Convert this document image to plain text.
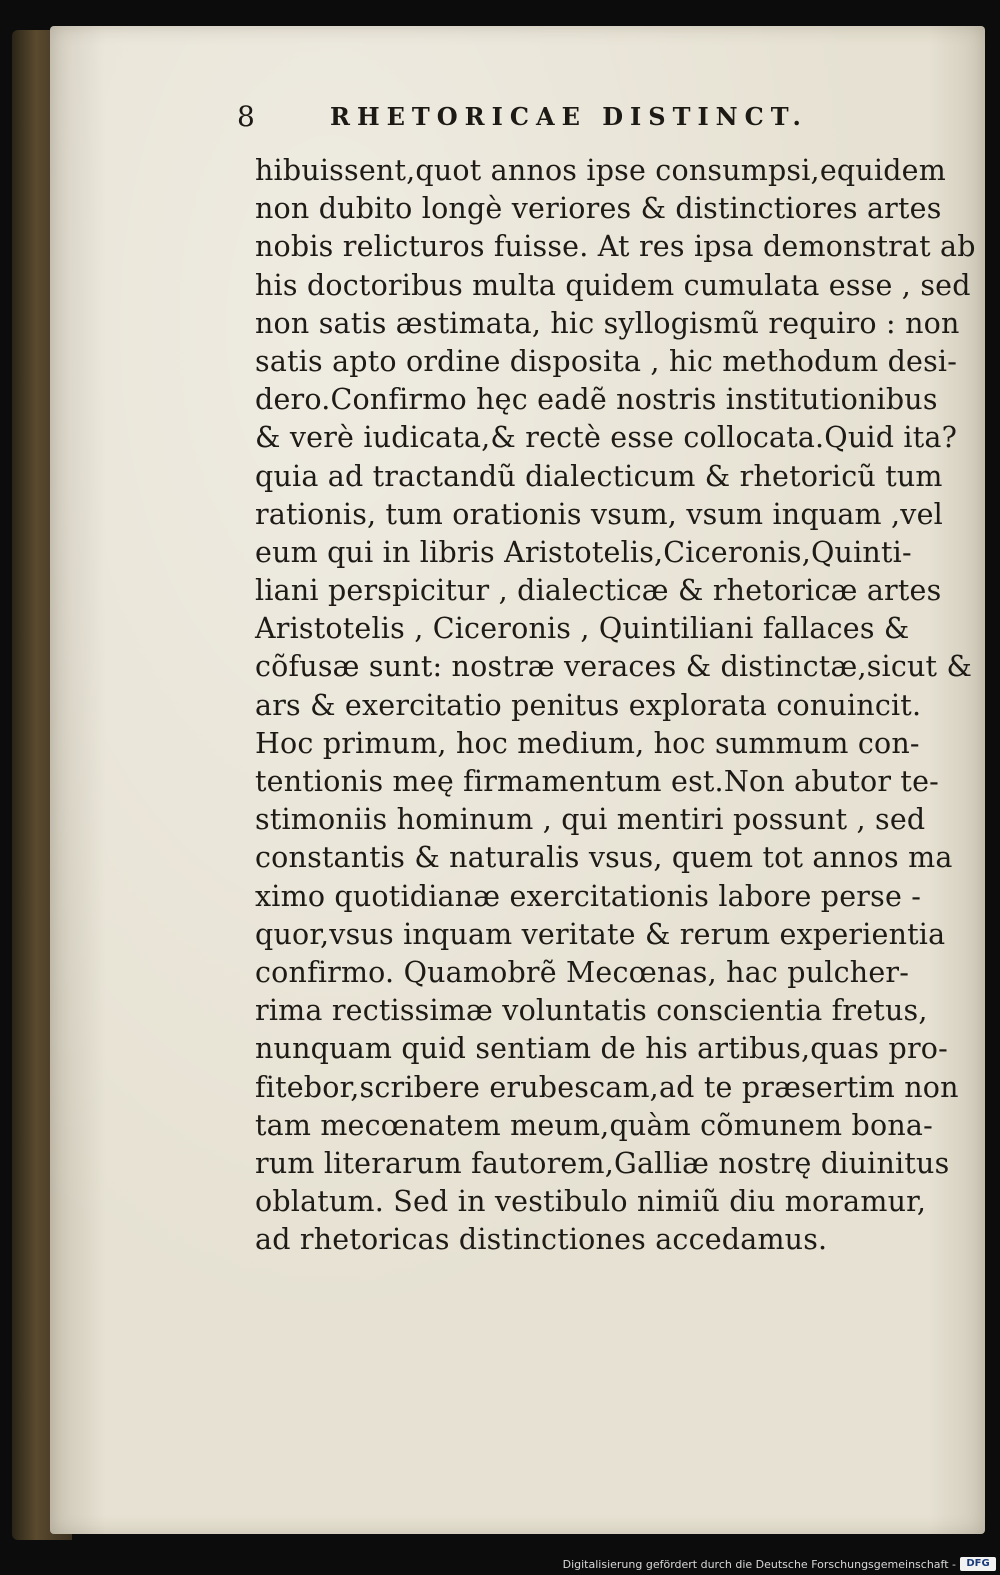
8	RHETORICAE DISTINCT.
hibuissent,quot annos ipse consumpsi,equidem
non dubito longè veriores & distinctiores artes
nobis relicturos fuisse. At res ipsa demonstrat ab
his doctoribus multa quidem cumulata esse , sed
non satis æstimata, hic syllogismũ requiro : non
satis apto ordine disposita , hic methodum desi-
dero.Confirmo hęc eadẽ nostris institutionibus
& verè iudicata,& rectè esse collocata.Quid ita?
quia ad tractandũ dialecticum & rhetoricũ tum
rationis, tum orationis vsum, vsum inquam ,vel
eum qui in libris Aristotelis,Ciceronis,Quinti-
liani perspicitur , dialecticæ & rhetoricæ artes
Aristotelis , Ciceronis , Quintiliani fallaces &
cõfusæ sunt: nostræ veraces & distinctæ,sicut &
ars & exercitatio penitus explorata conuincit.
Hoc primum, hoc medium, hoc summum con-
tentionis meę firmamentum est.Non abutor te-
stimoniis hominum , qui mentiri possunt , sed
constantis & naturalis vsus, quem tot annos ma
ximo quotidianæ exercitationis labore perse -
quor,vsus inquam veritate & rerum experientia
confirmo. Quamobrẽ Mecœnas, hac pulcher-
rima rectissimæ voluntatis conscientia fretus,
nunquam quid sentiam de his artibus,quas pro-
fitebor,scribere erubescam,ad te præsertim non
tam mecœnatem meum,quàm cõmunem bona-
rum literarum fautorem,Galliæ nostrę diuinitus
oblatum. Sed in vestibulo nimiũ diu moramur,
ad rhetoricas distinctiones accedamus.
Digitalisierung gefördert durch die Deutsche Forschungsgemeinschaft -	DFG
